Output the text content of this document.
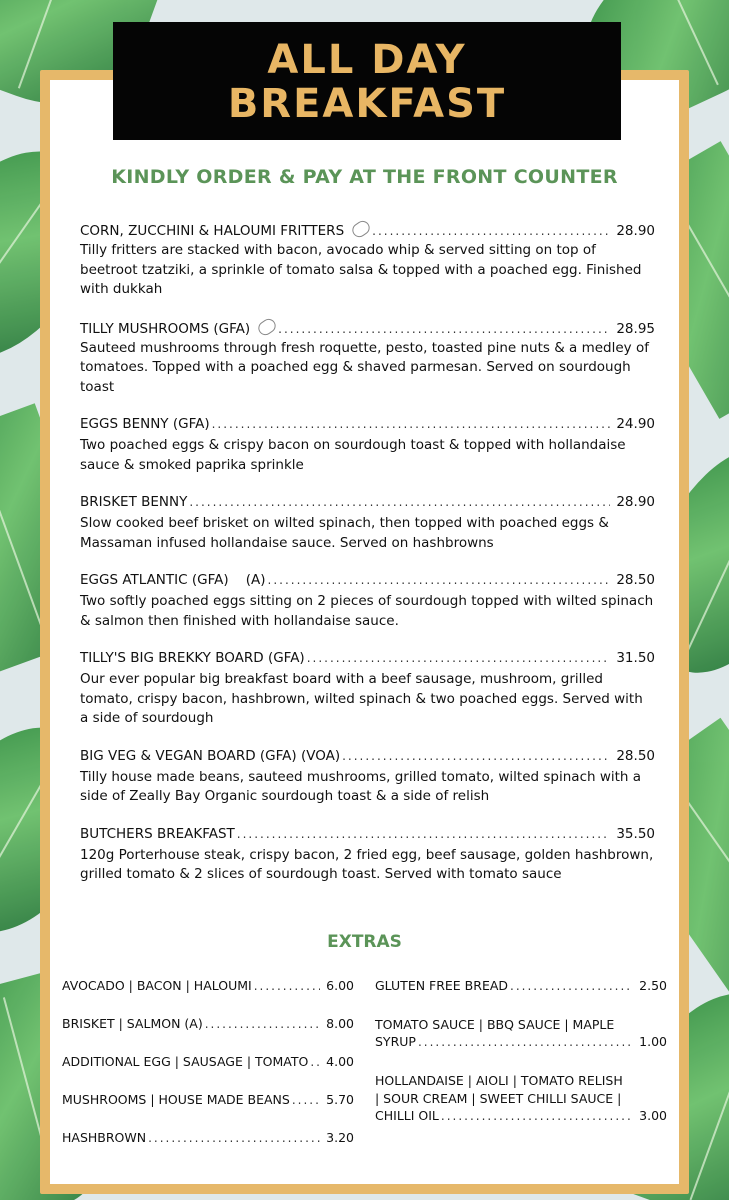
ALL DAY
BREAKFAST
KINDLY ORDER & PAY AT THE FRONT COUNTER
CORN, ZUCCHINI & HALOUMI FRITTERS .....	28.90
Tilly fritters are stacked with bacon, avocado whip & served sitting on top of beetroot tzatziki, a sprinkle of tomato salsa & topped with a poached egg. Finished with dukkah
TILLY MUSHROOMS (GFA) .....	28.95
Sauteed mushrooms through fresh roquette, pesto, toasted pine nuts & a medley of tomatoes. Topped with a poached egg & shaved parmesan. Served on sourdough toast
EGGS BENNY (GFA) .....	24.90
Two poached eggs & crispy bacon on sourdough toast & topped with hollandaise sauce & smoked paprika sprinkle
BRISKET BENNY .....	28.90
Slow cooked beef brisket on wilted spinach, then topped with poached eggs & Massaman infused hollandaise sauce. Served on hashbrowns
EGGS ATLANTIC (GFA)    (A) .....	28.50
Two softly poached eggs sitting on 2 pieces of sourdough topped with wilted spinach & salmon then finished with hollandaise sauce.
TILLY'S BIG BREKKY BOARD (GFA) .....	31.50
Our ever popular big breakfast board with a beef sausage, mushroom, grilled tomato, crispy bacon, hashbrown, wilted spinach & two poached eggs. Served with a side of sourdough
BIG VEG & VEGAN BOARD (GFA) (VOA) .....	28.50
Tilly house made beans, sauteed mushrooms, grilled tomato, wilted spinach with a side of Zeally Bay Organic sourdough toast & a side of relish
BUTCHERS BREAKFAST .....	35.50
120g Porterhouse steak, crispy bacon, 2 fried egg, beef sausage, golden hashbrown, grilled tomato & 2 slices of sourdough toast. Served with tomato sauce
EXTRAS
AVOCADO | BACON | HALOUMI .....	6.00
BRISKET | SALMON (A) .....	8.00
ADDITIONAL EGG | SAUSAGE | TOMATO ..... 4.00
MUSHROOMS | HOUSE MADE BEANS .....	5.70
HASHBROWN .....	3.20
GLUTEN FREE BREAD .....	2.50
TOMATO SAUCE | BBQ SAUCE | MAPLE
SYRUP .....	1.00
HOLLANDAISE | AIOLI | TOMATO RELISH
| SOUR CREAM | SWEET CHILLI SAUCE |
CHILLI OIL .....	3.00
